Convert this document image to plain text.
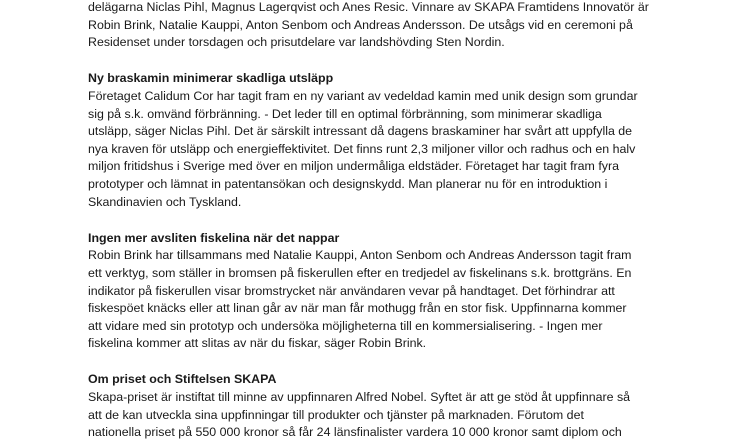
delägarna Niclas Pihl, Magnus Lagerqvist och Anes Resic. Vinnare av SKAPA Framtidens Innovatör är
Robin Brink, Natalie Kauppi, Anton Senbom och Andreas Andersson. De utsågs vid en ceremoni på
Residenset under torsdagen och prisutdelare var landshövding Sten Nordin.
Ny braskamin minimerar skadliga utsläpp
Företaget Calidum Cor har tagit fram en ny variant av vedeldad kamin med unik design som grundar
sig på s.k. omvänd förbränning. - Det leder till en optimal förbränning, som minimerar skadliga
utsläpp, säger Niclas Pihl. Det är särskilt intressant då dagens braskaminer har svårt att uppfylla de
nya kraven för utsläpp och energieffektivitet. Det finns runt 2,3 miljoner villor och radhus och en halv
miljon fritidshus i Sverige med över en miljon undermåliga eldstäder. Företaget har tagit fram fyra
prototyper och lämnat in patentansökan och designskydd. Man planerar nu för en introduktion i
Skandinavien och Tyskland.
Ingen mer avsliten fiskelina när det nappar
Robin Brink har tillsammans med Natalie Kauppi, Anton Senbom och Andreas Andersson tagit fram
ett verktyg, som ställer in bromsen på fiskerullen efter en tredjedel av fiskelinans s.k. brottgräns. En
indikator på fiskerullen visar bromstrycket när användaren vevar på handtaget. Det förhindrar att
fiskespöet knäcks eller att linan går av när man får mothugg från en stor fisk. Uppfinnarna kommer
att vidare med sin prototyp och undersöka möjligheterna till en kommersialisering. - Ingen mer
fiskelina kommer att slitas av när du fiskar, säger Robin Brink.
Om priset och Stiftelsen SKAPA
Skapa-priset är instiftat till minne av uppfinnaren Alfred Nobel. Syftet är att ge stöd åt uppfinnare så
att de kan utveckla sina uppfinningar till produkter och tjänster på marknaden. Förutom det
nationella priset på 550 000 kronor så får 24 länsfinalister vardera 10 000 kronor samt diplom och
